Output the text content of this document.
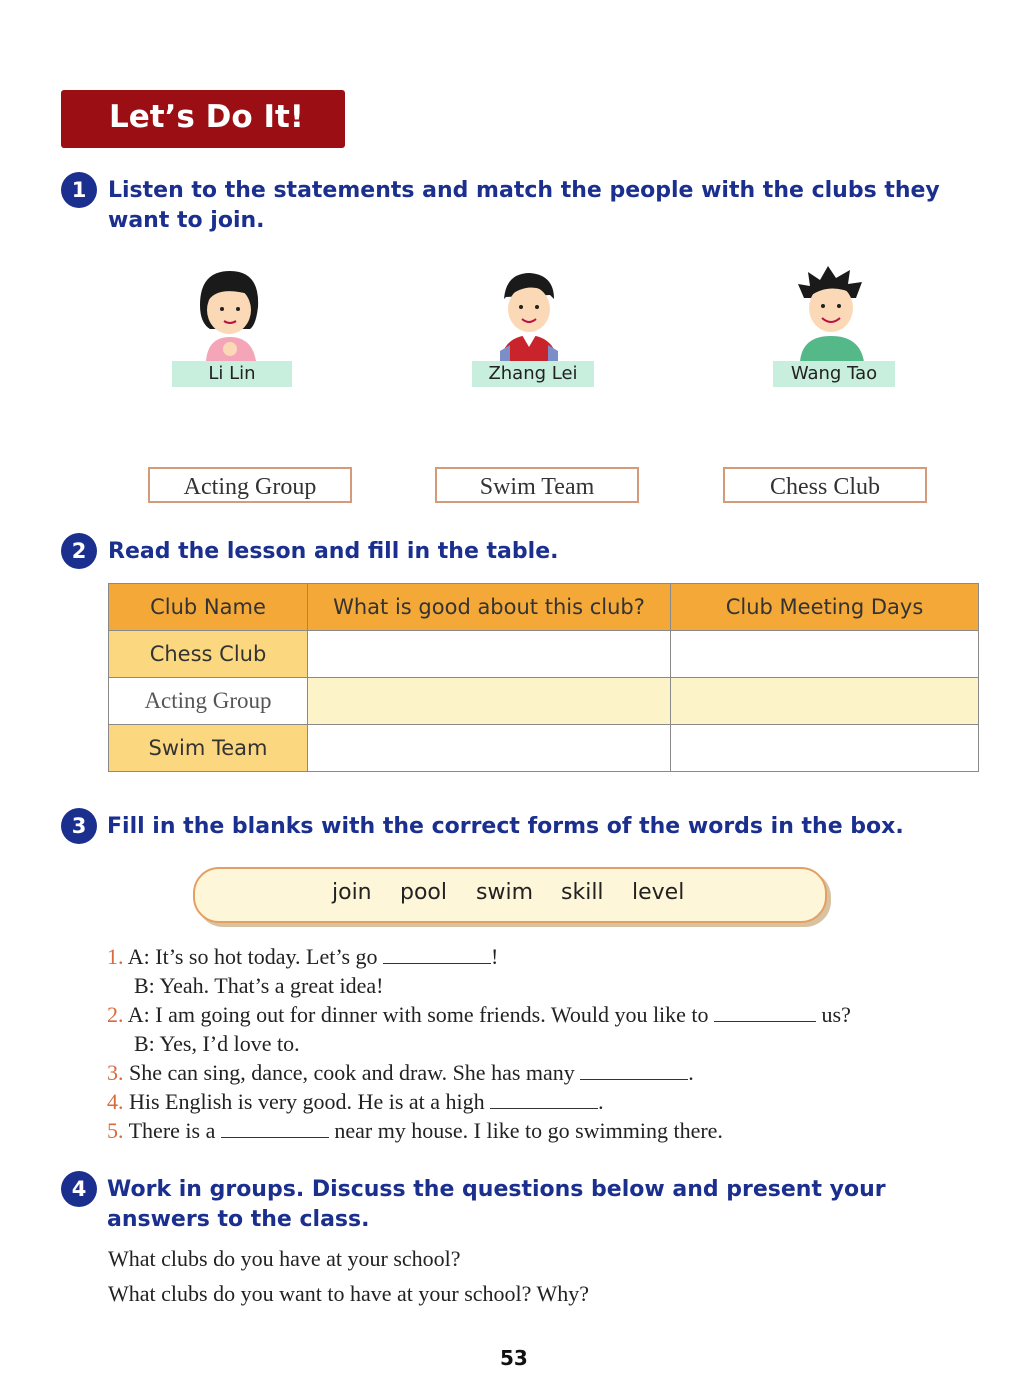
Let’s Do It!
1 Listen to the statements and match the people with the clubs they
want to join.
Li Lin	Zhang Lei	Wang Tao
Acting Group	Swim Team	Chess Club
2 Read the lesson and fill in the table.
Club Name	What is good about this club?	Club Meeting Days
Chess Club		
Acting Group		
Swim Team		
3 Fill in the blanks with the correct forms of the words in the box.
join pool swim skill level
1. A: It’s so hot today. Let’s go	!
B: Yeah. That’s a great idea!
2. A: I am going out for dinner with some friends. Would you like to	us?
B: Yes, I’d love to.
3. She can sing, dance, cook and draw. She has many	.
4. His English is very good. He is at a high	.
5. There is a	near my house. I like to go swimming there.
4 Work in groups. Discuss the questions below and present your
answers to the class.
What clubs do you have at your school?
What clubs do you want to have at your school? Why?
53
